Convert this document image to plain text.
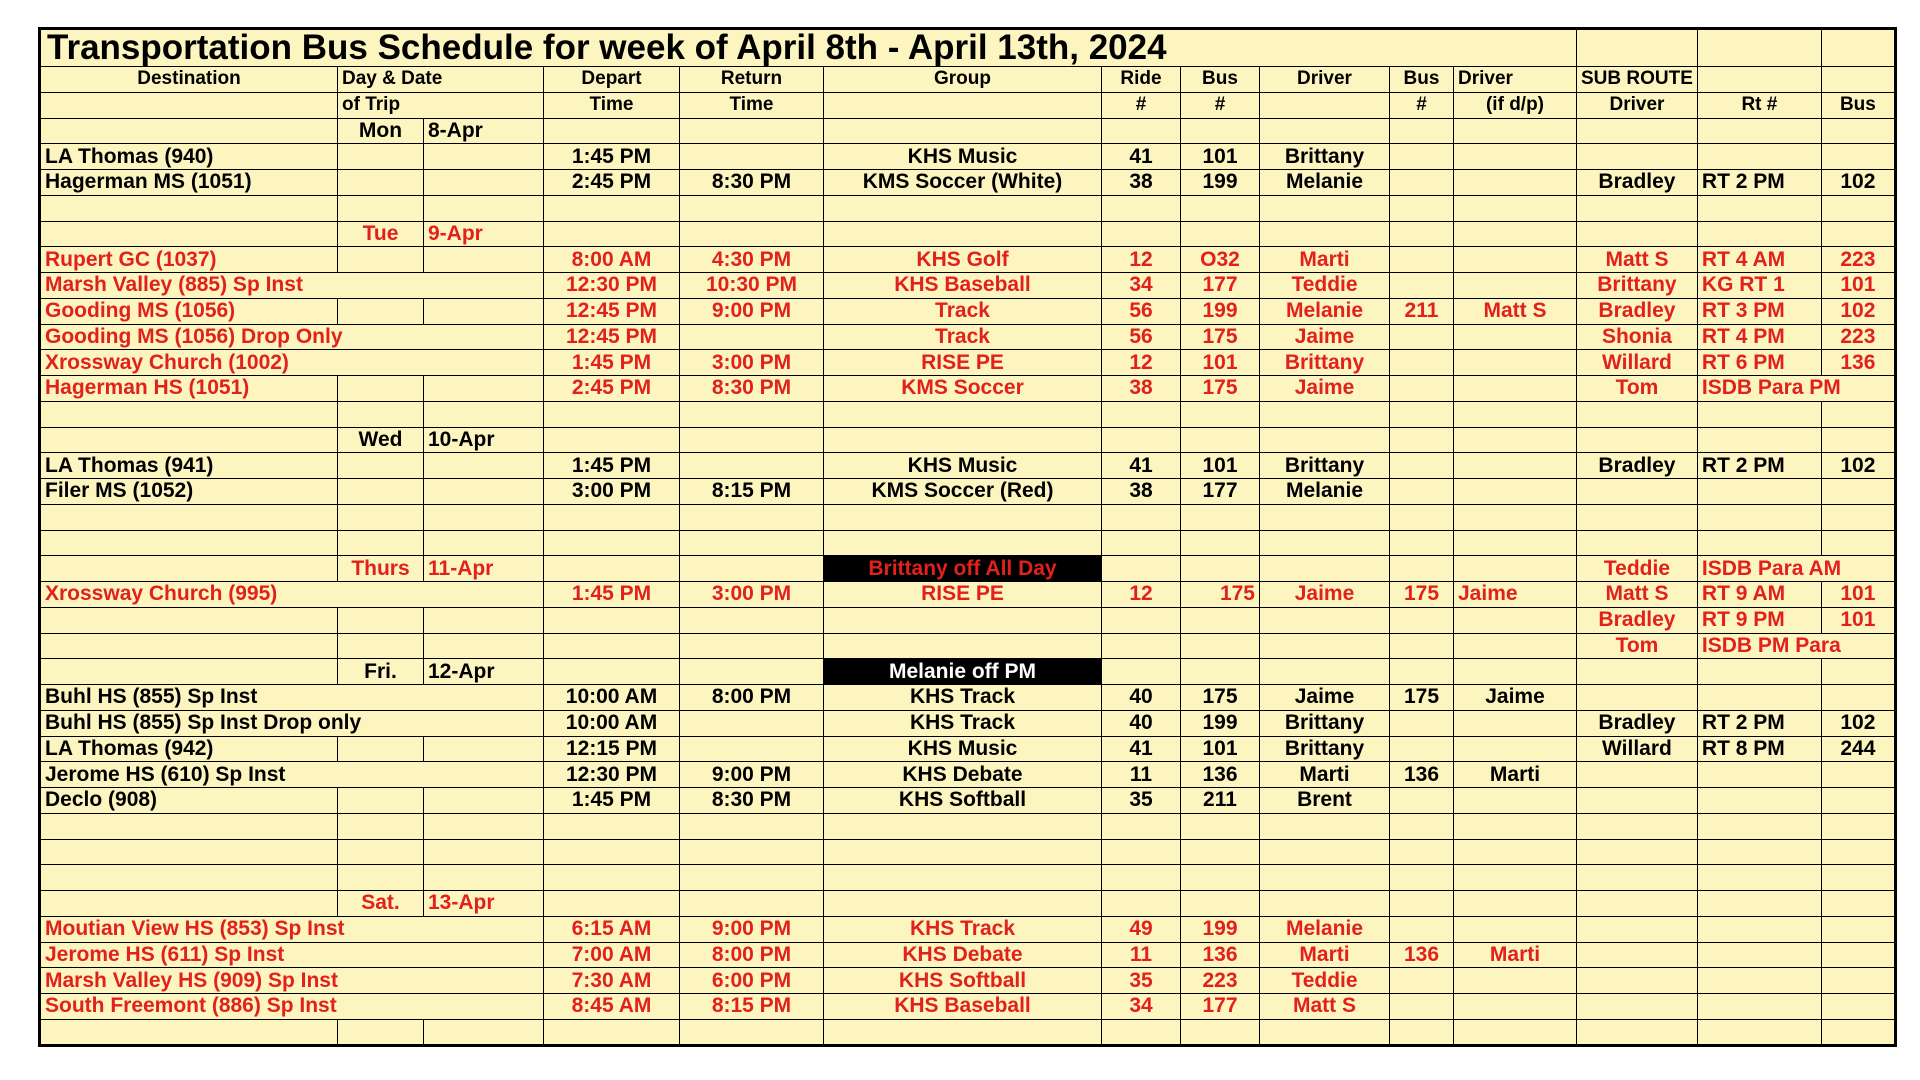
Transportation Bus Schedule for week of April 8th - April 13th, 2024													
Destination	Day & Date		Depart	Return	Group	Ride	Bus	Driver	Bus	Driver	SUB ROUTE		
	of Trip		Time	Time		#	#		#	(if d/p)	Driver	Rt #	Bus
	Mon	8-Apr											
LA Thomas (940)			1:45 PM		KHS Music	41	101	Brittany					
Hagerman MS (1051)			2:45 PM	8:30 PM	KMS Soccer (White)	38	199	Melanie			Bradley	RT 2 PM	102

	Tue	9-Apr											
Rupert GC (1037)			8:00 AM	4:30 PM	KHS Golf	12	O32	Marti			Matt S	RT 4 AM	223
Marsh Valley (885) Sp Inst			12:30 PM	10:30 PM	KHS Baseball	34	177	Teddie			Brittany	KG RT 1	101
Gooding MS (1056)			12:45 PM	9:00 PM	Track	56	199	Melanie	211	Matt S	Bradley	RT 3 PM	102
Gooding MS (1056) Drop Only			12:45 PM		Track	56	175	Jaime			Shonia	RT 4 PM	223
Xrossway Church (1002)			1:45 PM	3:00 PM	RISE PE	12	101	Brittany			Willard	RT 6 PM	136
Hagerman HS (1051)			2:45 PM	8:30 PM	KMS Soccer	38	175	Jaime			Tom	ISDB Para PM	

	Wed	10-Apr											
LA Thomas (941)			1:45 PM		KHS Music	41	101	Brittany			Bradley	RT 2 PM	102
Filer MS (1052)			3:00 PM	8:15 PM	KMS Soccer (Red)	38	177	Melanie					

	Thurs	11-Apr			Brittany off All Day						Teddie	ISDB Para AM	
Xrossway Church (995)			1:45 PM	3:00 PM	RISE PE	12	175	Jaime	175	Jaime	Matt S	RT 9 AM	101
											Bradley	RT 9 PM	101
											Tom	ISDB PM Para	
	Fri.	12-Apr			Melanie off PM								
Buhl HS (855) Sp Inst			10:00 AM	8:00 PM	KHS Track	40	175	Jaime	175	Jaime			
Buhl HS (855) Sp Inst Drop only			10:00 AM		KHS Track	40	199	Brittany			Bradley	RT 2 PM	102
LA Thomas (942)			12:15 PM		KHS Music	41	101	Brittany			Willard	RT 8 PM	244
Jerome HS (610) Sp Inst			12:30 PM	9:00 PM	KHS Debate	11	136	Marti	136	Marti			
Declo (908)			1:45 PM	8:30 PM	KHS Softball	35	211	Brent					

	Sat.	13-Apr											
Moutian View HS (853) Sp Inst			6:15 AM	9:00 PM	KHS Track	49	199	Melanie					
Jerome HS (611) Sp Inst			7:00 AM	8:00 PM	KHS Debate	11	136	Marti	136	Marti			
Marsh Valley HS (909) Sp Inst			7:30 AM	6:00 PM	KHS Softball	35	223	Teddie					
South Freemont (886) Sp Inst			8:45 AM	8:15 PM	KHS Baseball	34	177	Matt S					
